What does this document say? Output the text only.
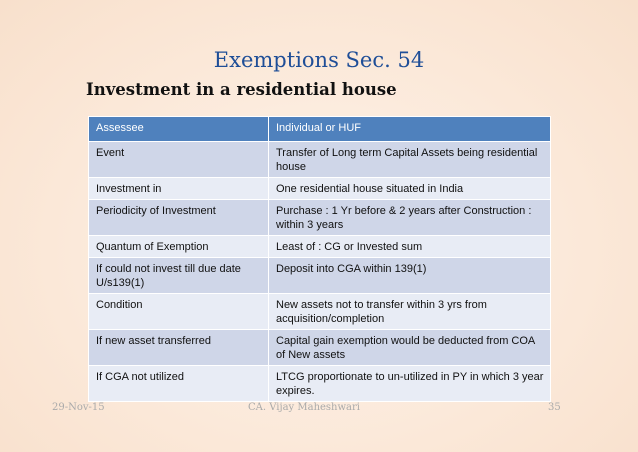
Exemptions Sec. 54
Investment in a residential house
Assessee	Individual or HUF
Event	Transfer of Long term Capital Assets being residential house
Investment in	One residential house situated in India
Periodicity of Investment	Purchase : 1 Yr before & 2 years after Construction : within 3 years
Quantum of Exemption	Least of : CG or Invested sum
If could not invest till due date U/s139(1)	Deposit into CGA within 139(1)
Condition	New assets not to transfer within 3 yrs from acquisition/completion
If new asset transferred	Capital gain exemption would be deducted from COA of New assets
If CGA not utilized	LTCG proportionate to un-utilized in PY in which 3 year expires.
29-Nov-15	CA. Vijay Maheshwari	35
